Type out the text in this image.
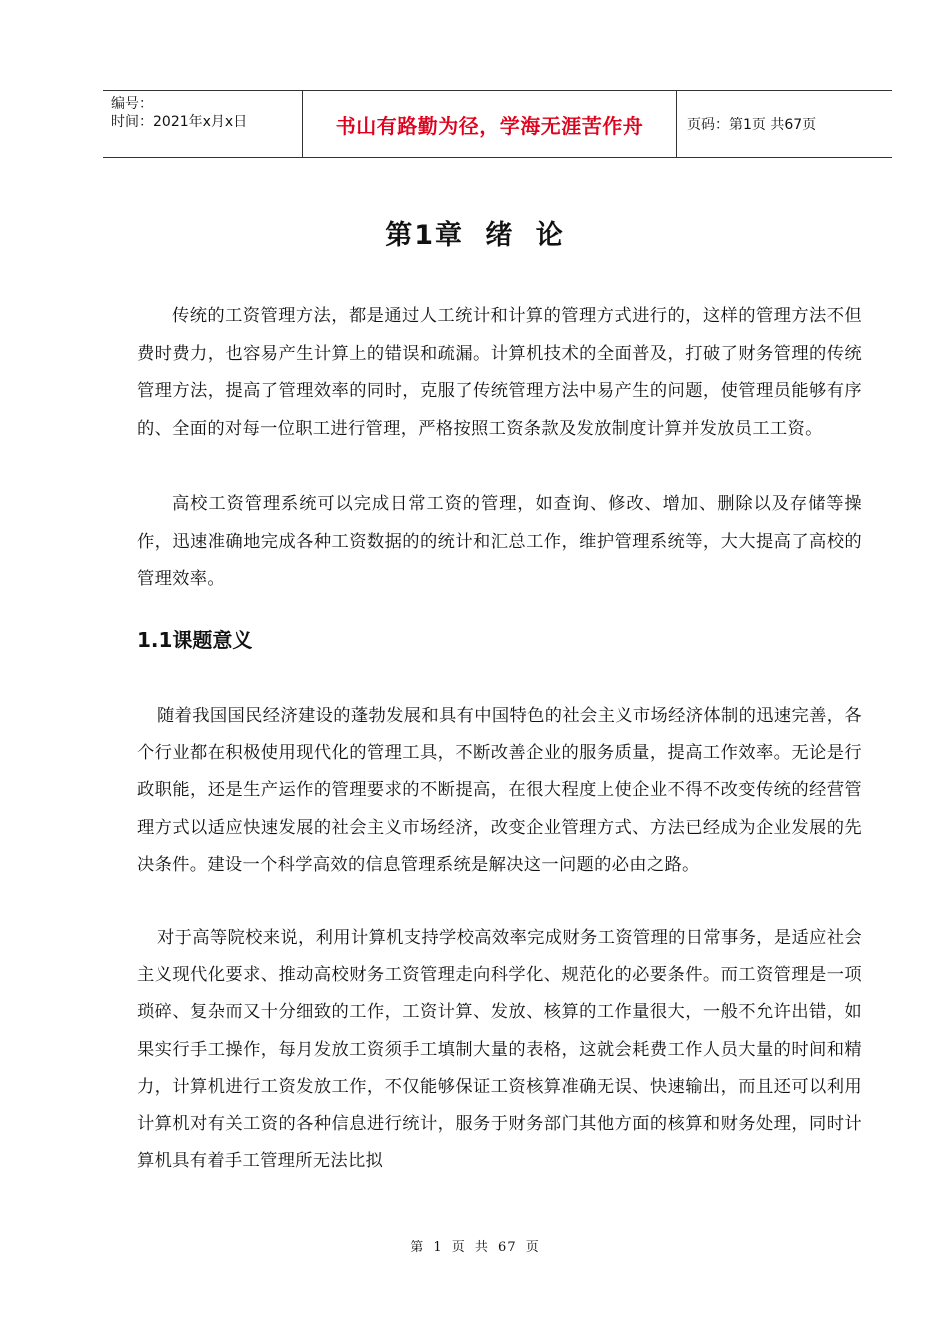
编号：
时间：2021年x月x日	书山有路勤为径，学海无涯苦作舟	页码：第1页 共67页
第1章 绪 论
传统的工资管理方法，都是通过人工统计和计算的管理方式进行的，这样的管理方法不但费时费力，也容易产生计算上的错误和疏漏。计算机技术的全面普及，打破了财务管理的传统管理方法，提高了管理效率的同时，克服了传统管理方法中易产生的问题，使管理员能够有序的、全面的对每一位职工进行管理，严格按照工资条款及发放制度计算并发放员工工资。
高校工资管理系统可以完成日常工资的管理，如查询、修改、增加、删除以及存储等操作，迅速准确地完成各种工资数据的的统计和汇总工作，维护管理系统等，大大提高了高校的管理效率。
1.1课题意义
随着我国国民经济建设的蓬勃发展和具有中国特色的社会主义市场经济体制的迅速完善，各个行业都在积极使用现代化的管理工具，不断改善企业的服务质量，提高工作效率。无论是行政职能，还是生产运作的管理要求的不断提高，在很大程度上使企业不得不改变传统的经营管理方式以适应快速发展的社会主义市场经济，改变企业管理方式、方法已经成为企业发展的先决条件。建设一个科学高效的信息管理系统是解决这一问题的必由之路。
对于高等院校来说，利用计算机支持学校高效率完成财务工资管理的日常事务，是适应社会主义现代化要求、推动高校财务工资管理走向科学化、规范化的必要条件。而工资管理是一项琐碎、复杂而又十分细致的工作，工资计算、发放、核算的工作量很大，一般不允许出错，如果实行手工操作，每月发放工资须手工填制大量的表格，这就会耗费工作人员大量的时间和精力，计算机进行工资发放工作，不仅能够保证工资核算准确无误、快速输出，而且还可以利用计算机对有关工资的各种信息进行统计，服务于财务部门其他方面的核算和财务处理，同时计算机具有着手工管理所无法比拟
第 1 页 共 67 页
